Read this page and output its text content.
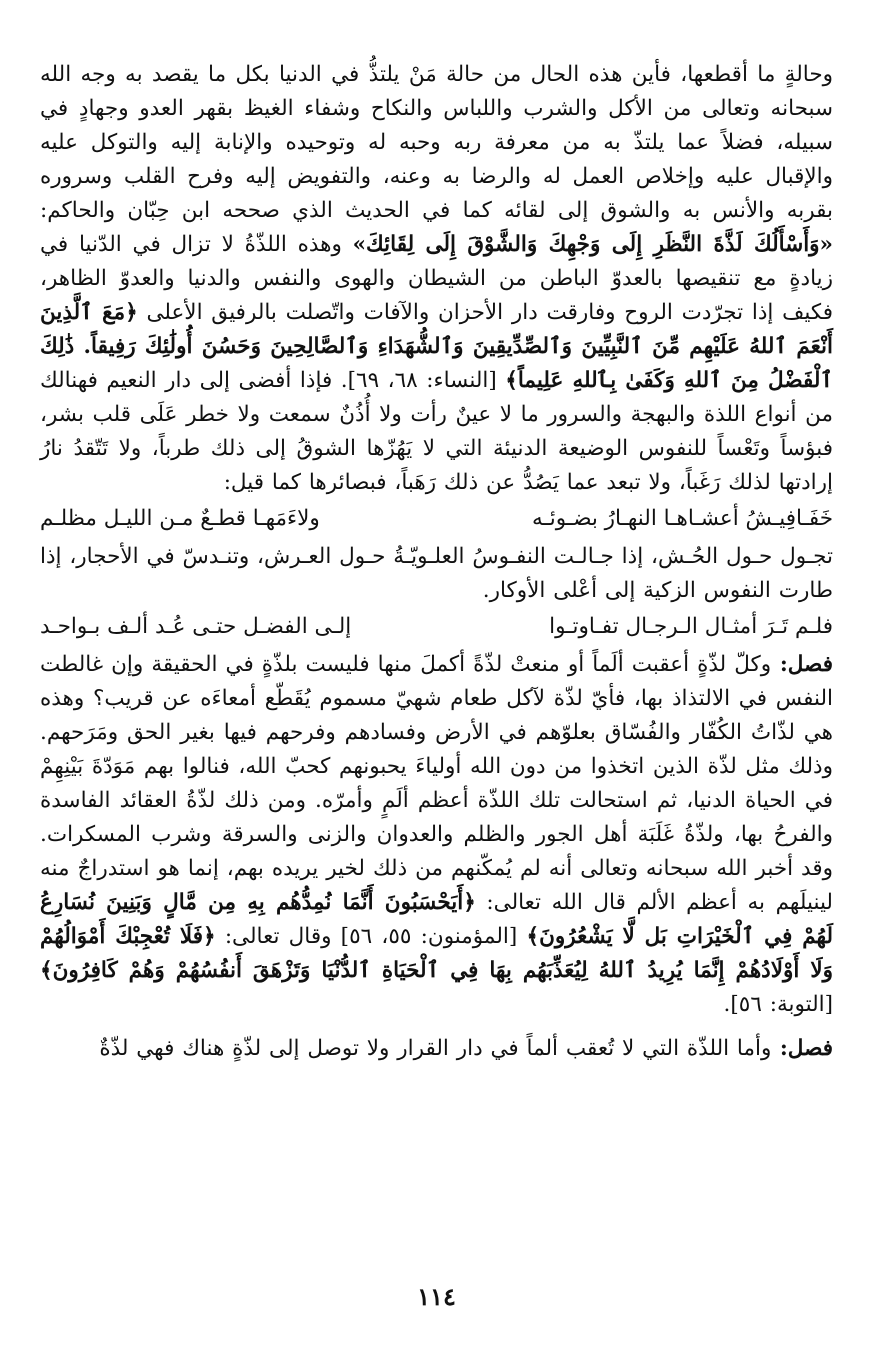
وحالةٍ ما أقطعها، فأين هذه الحال من حالة مَنْ يلتذُّ في الدنيا بكل ما يقصد به وجه الله سبحانه وتعالى من الأكل والشرب واللباس والنكاح وشفاء الغيظ بقهر العدو وجهادٍ في سبيله، فضلاً عما يلتذّ به من معرفة ربه وحبه له وتوحيده والإنابة إليه والتوكل عليه والإقبال عليه وإخلاص العمل له والرضا به وعنه، والتفويض إليه وفرح القلب وسروره بقربه والأنس به والشوق إلى لقائه كما في الحديث الذي صححه ابن حِبّان والحاكم: «وَأَسْأَلُكَ لَذَّةَ النَّظَرِ إِلَى وَجْهِكَ وَالشَّوْقَ إِلَى لِقَائِكَ» وهذه اللذّةُ لا تزال في الدّنيا في زيادةٍ مع تنقيصها بالعدوّ الباطن من الشيطان والهوى والنفس والدنيا والعدوّ الظاهر، فكيف إذا تجرّدت الروح وفارقت دار الأحزان والآفات واتّصلت بالرفيق الأعلى ﴿مَعَ ٱلَّذِينَ أَنْعَمَ ٱللهُ عَلَيْهِم مِّنَ ٱلنَّبِيِّينَ وَٱلصِّدِّيقِينَ وَٱلشُّهَدَاءِ وَٱلصَّالِحِينَ وَحَسُنَ أُولَٰئِكَ رَفِيقاً. ذَٰلِكَ ٱلْفَضْلُ مِنَ ٱللهِ وَكَفَىٰ بِٱللهِ عَلِيماً﴾ [النساء: ٦٨، ٦٩]. فإذا أفضى إلى دار النعيم فهنالك من أنواع اللذة والبهجة والسرور ما لا عينٌ رأت ولا أُذُنٌ سمعت ولا خطر عَلَى قلب بشر، فبؤساً وتَعْساً للنفوس الوضيعة الدنيئة التي لا يَهُزّها الشوقُ إلى ذلك طرباً، ولا تَتّقدُ نارُ إرادتها لذلك رَغَباً، ولا تبعد عما يَصُدُّ عن ذلك رَهَباً، فبصائرها كما قيل:

خَفَـافِيـشُ أعشـاهـا النهـارُ بضـوئـه
ولاءَمَهـا قطـعٌ مـن الليـل مظلـم

تجـول حـول الحُـش، إذا جـالـت النفـوسُ العلـويّـةُ حـول العـرش، وتنـدسّ في الأحجار، إذا طارت النفوس الزكية إلى أعْلى الأوكار.

فلـم تَـرَ أمثـال الـرجـال تفـاوتـوا
إلـى الفضـل حتـى عُـد ألـف بـواحـد

فصل: وكلّ لذّةٍ أعقبت ألَماً أو منعتْ لذّةً أكملَ منها فليست بلذّةٍ في الحقيقة وإن غالطت النفس في الالتذاذ بها، فأيّ لذّة لآكل طعام شهيّ مسموم يُقَطّع أمعاءَه عن قريب؟ وهذه هي لذّاتُ الكُفّار والفُسّاق بعلوّهم في الأرض وفسادهم وفرحهم فيها بغير الحق ومَرَحهم. وذلك مثل لذّة الذين اتخذوا من دون الله أولياءَ يحبونهم كحبّ الله، فنالوا بهم مَوَدّةَ بَيْنِهِمْ في الحياة الدنيا، ثم استحالت تلك اللذّة أعظم ألَمٍ وأمرّه. ومن ذلك لذّةُ العقائد الفاسدة والفرحُ بها، ولذّةُ غَلَبَة أهل الجور والظلم والعدوان والزنى والسرقة وشرب المسكرات. وقد أخبر الله سبحانه وتعالى أنه لم يُمكّنهم من ذلك لخير يريده بهم، إنما هو استدراجٌ منه لينيلَهم به أعظم الألم قال الله تعالى: ﴿أَيَحْسَبُونَ أَنَّمَا نُمِدُّهُم بِهِ مِن مَّالٍ وَبَنِينَ نُسَارِعُ لَهُمْ فِي ٱلْخَيْرَاتِ بَل لَّا يَشْعُرُونَ﴾ [المؤمنون: ٥٥، ٥٦] وقال تعالى: ﴿فَلَا تُعْجِبْكَ أَمْوَالُهُمْ وَلَا أَوْلَادُهُمْ إِنَّمَا يُرِيدُ ٱللهُ لِيُعَذِّبَهُم بِهَا فِي ٱلْحَيَاةِ ٱلدُّنْيَا وَتَزْهَقَ أَنفُسُهُمْ وَهُمْ كَافِرُونَ﴾ [التوبة: ٥٦].

فصل: وأما اللذّة التي لا تُعقب ألماً في دار القرار ولا توصل إلى لذّةٍ هناك فهي لذّةٌ

١١٤
